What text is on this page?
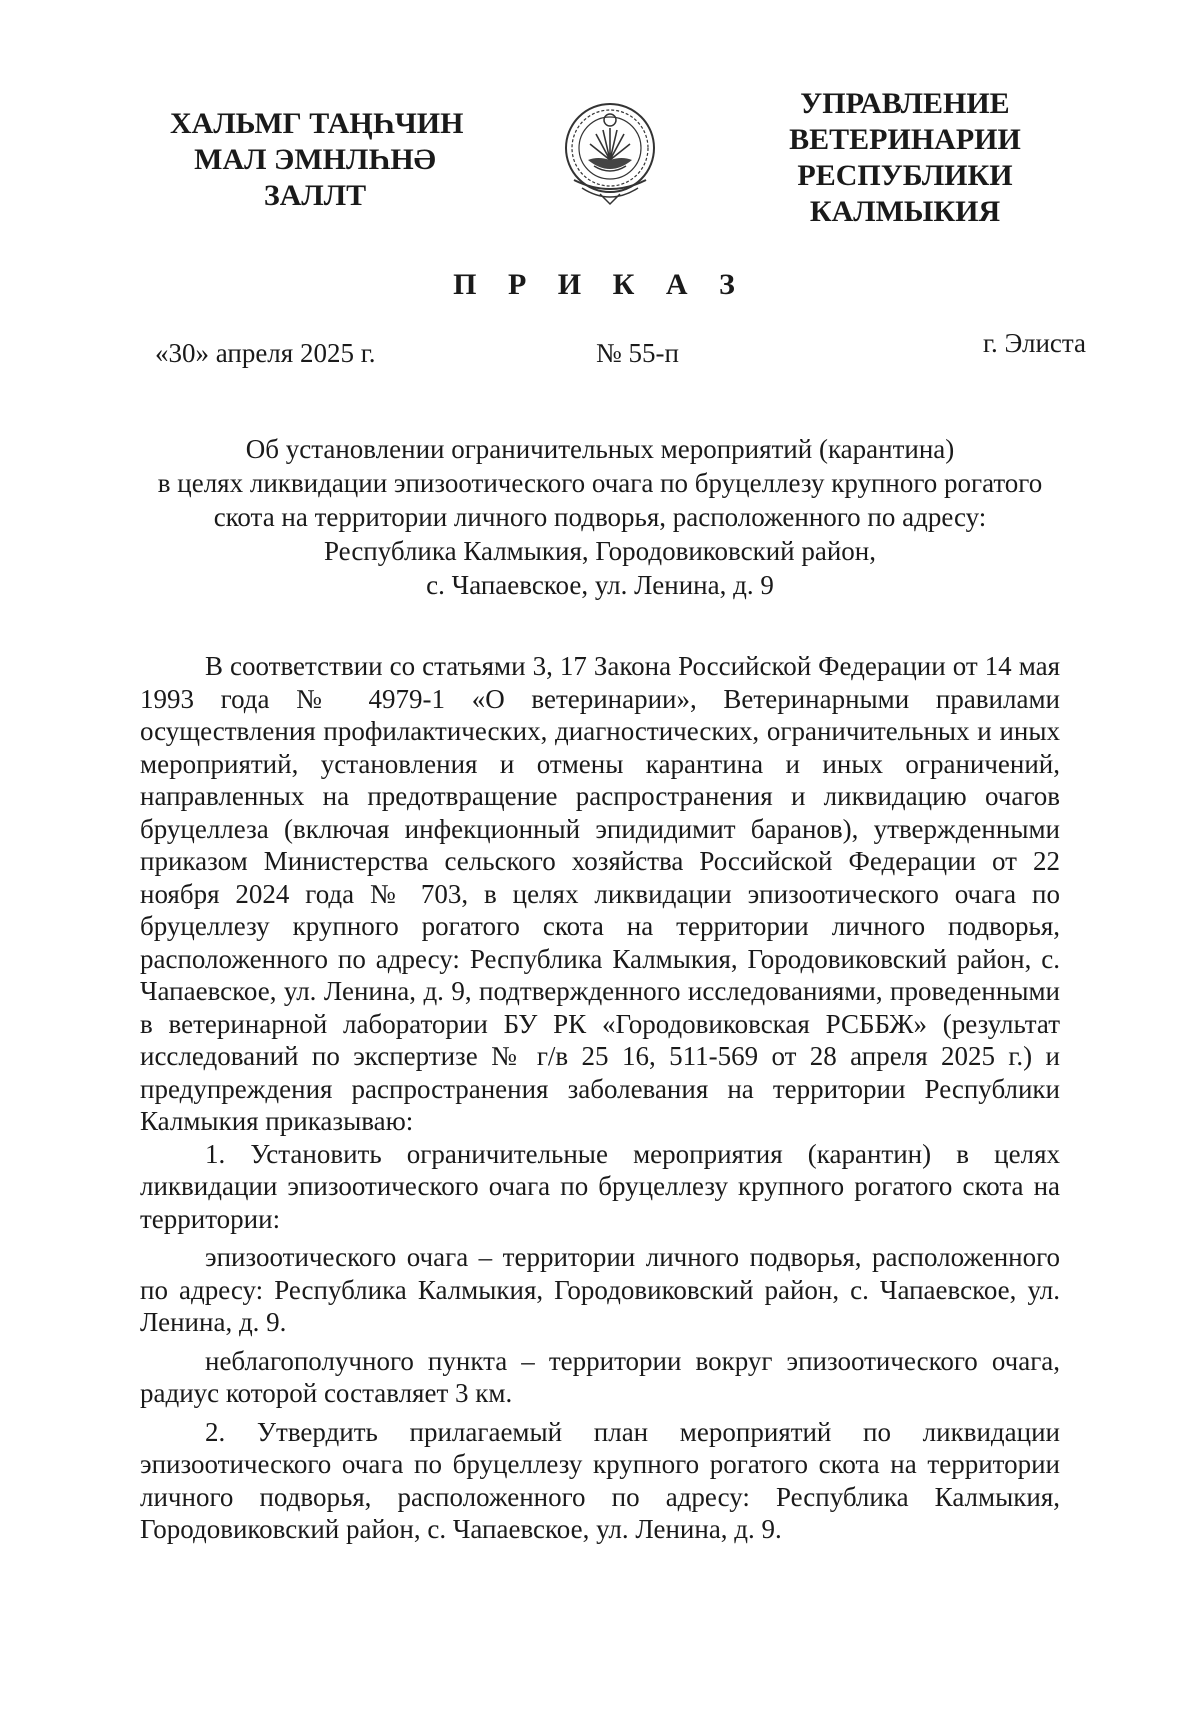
ХАЛЬМГ ТАҢҺЧИН
МАЛ ЭМНЛҺНӘ
ЗАЛЛТ
УПРАВЛЕНИЕ
ВЕТЕРИНАРИИ
РЕСПУБЛИКИ
КАЛМЫКИЯ
П Р И К А З
«30» апреля 2025 г.	№ 55-п	г. Элиста
Об установлении ограничительных мероприятий (карантина)
в целях ликвидации эпизоотического очага по бруцеллезу крупного рогатого
скота на территории личного подворья, расположенного по адресу:
Республика Калмыкия, Городовиковский район,
с. Чапаевское, ул. Ленина, д. 9

В соответствии со статьями 3, 17 Закона Российской Федерации от 14 мая 1993 года № 4979-1 «О ветеринарии», Ветеринарными правилами осуществления профилактических, диагностических, ограничительных и иных мероприятий, установления и отмены карантина и иных ограничений, направленных на предотвращение распространения и ликвидацию очагов бруцеллеза (включая инфекционный эпидидимит баранов), утвержденными приказом Министерства сельского хозяйства Российской Федерации от 22 ноября 2024 года № 703, в целях ликвидации эпизоотического очага по бруцеллезу крупного рогатого скота на территории личного подворья, расположенного по адресу: Республика Калмыкия, Городовиковский район, с. Чапаевское, ул. Ленина, д. 9, подтвержденного исследованиями, проведенными в ветеринарной лаборатории БУ РК «Городовиковская РСББЖ» (результат исследований по экспертизе № г/в 25 16, 511-569 от 28 апреля 2025 г.) и предупреждения распространения заболевания на территории Республики Калмыкия приказываю:

1. Установить ограничительные мероприятия (карантин) в целях ликвидации эпизоотического очага по бруцеллезу крупного рогатого скота на территории:

эпизоотического очага – территории личного подворья, расположенного по адресу: Республика Калмыкия, Городовиковский район, с. Чапаевское, ул. Ленина, д. 9.

неблагополучного пункта – территории вокруг эпизоотического очага, радиус которой составляет 3 км.

2. Утвердить прилагаемый план мероприятий по ликвидации эпизоотического очага по бруцеллезу крупного рогатого скота на территории личного подворья, расположенного по адресу: Республика Калмыкия, Городовиковский район, с. Чапаевское, ул. Ленина, д. 9.
